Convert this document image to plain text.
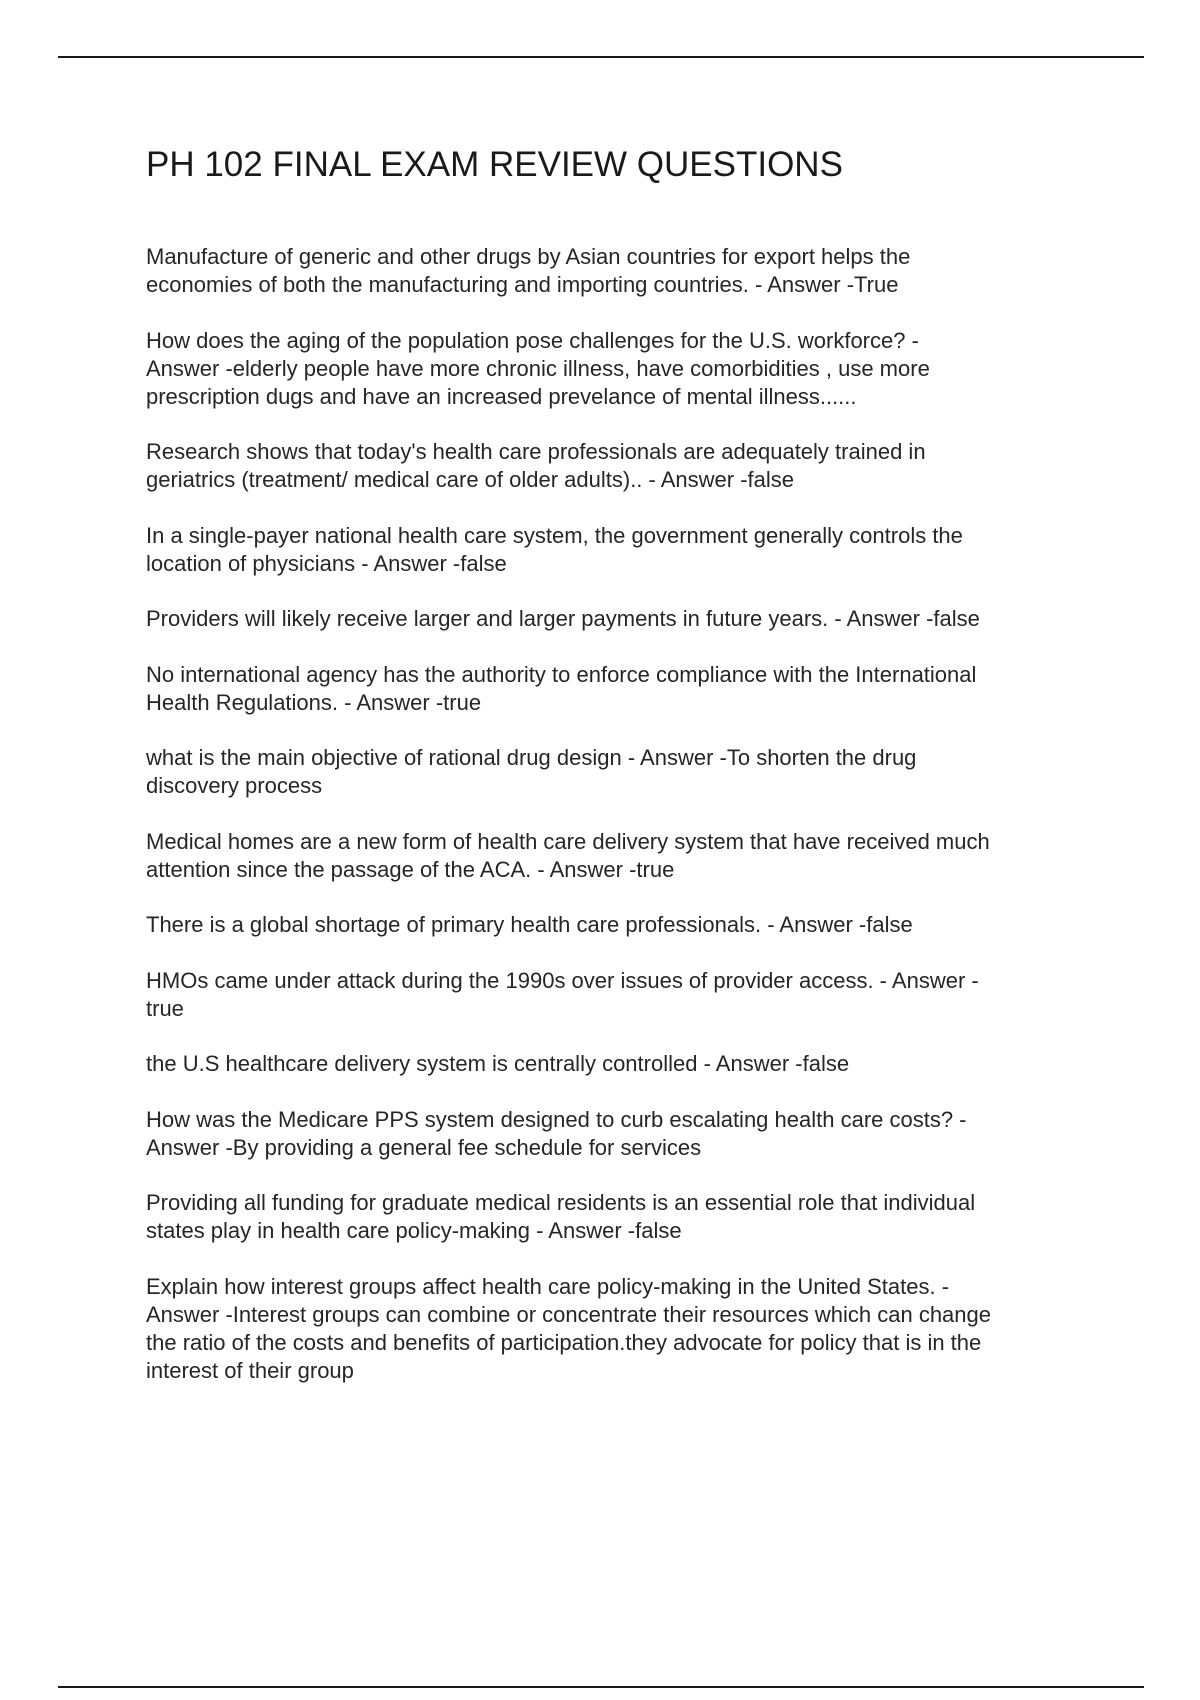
PH 102 FINAL EXAM REVIEW QUESTIONS
Manufacture of generic and other drugs by Asian countries for export helps the
economies of both the manufacturing and importing countries. - Answer -True
How does the aging of the population pose challenges for the U.S. workforce? -
Answer -elderly people have more chronic illness, have comorbidities , use more
prescription dugs and have an increased prevelance of mental illness......
Research shows that today's health care professionals are adequately trained in
geriatrics (treatment/ medical care of older adults).. - Answer -false
In a single-payer national health care system, the government generally controls the
location of physicians - Answer -false
Providers will likely receive larger and larger payments in future years. - Answer -false
No international agency has the authority to enforce compliance with the International
Health Regulations. - Answer -true
what is the main objective of rational drug design - Answer -To shorten the drug
discovery process
Medical homes are a new form of health care delivery system that have received much
attention since the passage of the ACA. - Answer -true
There is a global shortage of primary health care professionals. - Answer -false
HMOs came under attack during the 1990s over issues of provider access. - Answer -
true
the U.S healthcare delivery system is centrally controlled - Answer -false
How was the Medicare PPS system designed to curb escalating health care costs? -
Answer -By providing a general fee schedule for services
Providing all funding for graduate medical residents is an essential role that individual
states play in health care policy-making - Answer -false
Explain how interest groups affect health care policy-making in the United States. -
Answer -Interest groups can combine or concentrate their resources which can change
the ratio of the costs and benefits of participation.they advocate for policy that is in the
interest of their group
